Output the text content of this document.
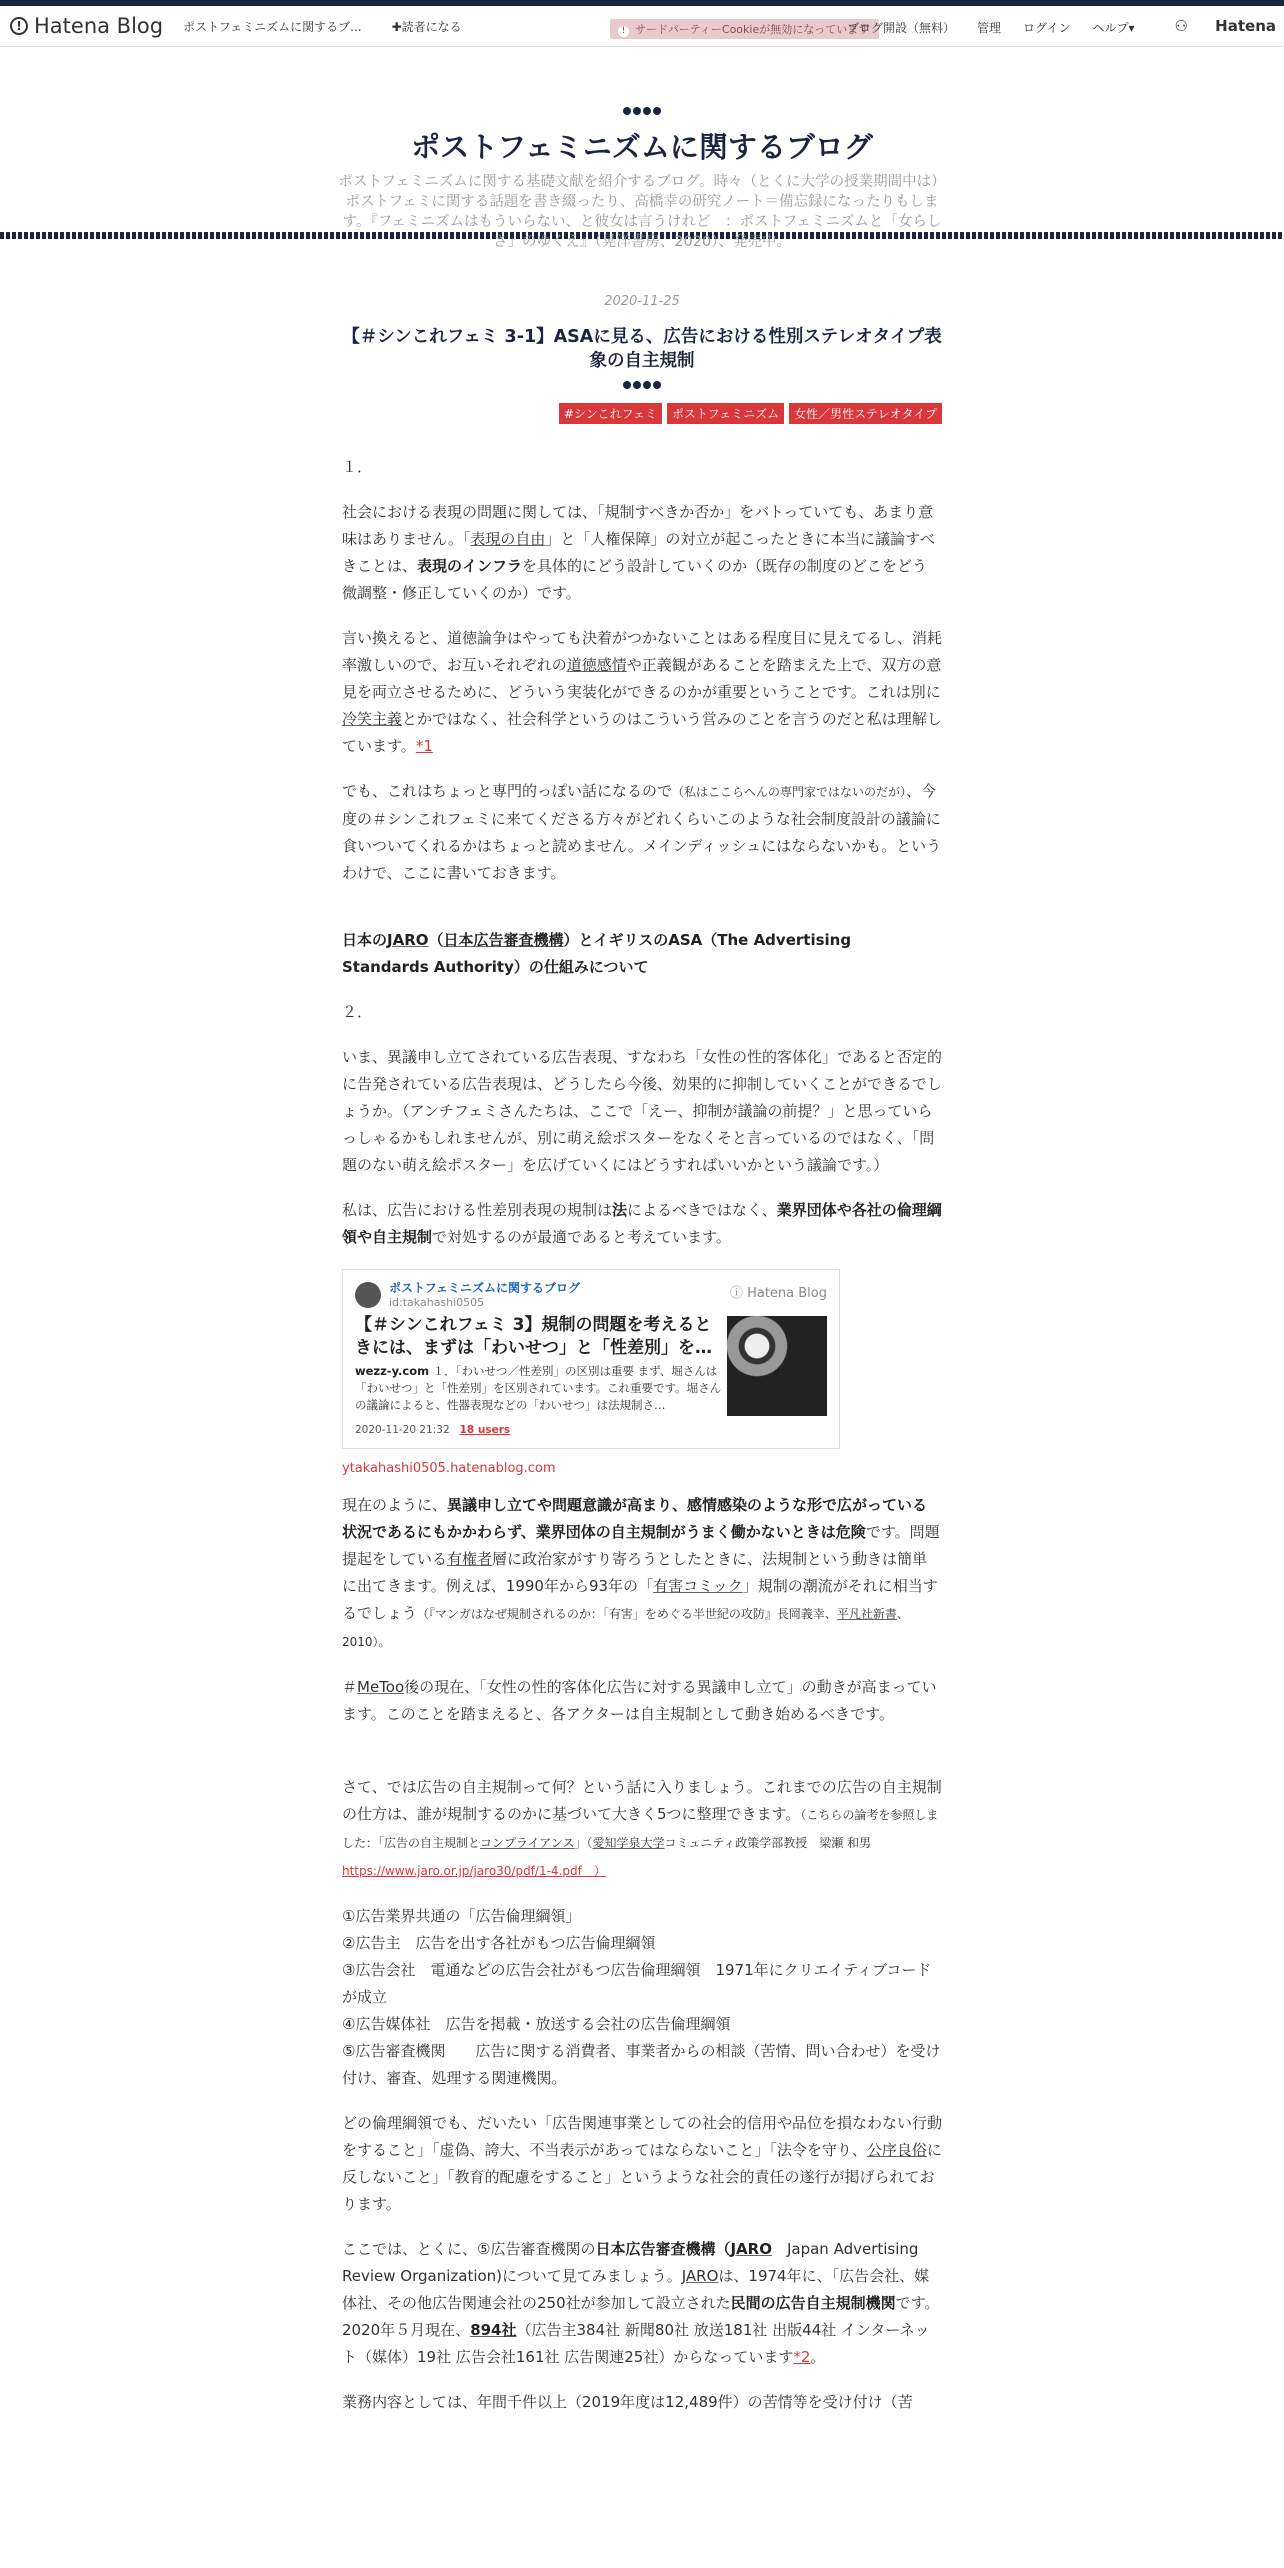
! Hatena Blog ポストフェミニズムに関するブ...	✚読者になる	! サードパーティーCookieが無効になっています
ブログ開設（無料） 管理 ログイン ヘルプ▾	⚇ Hatena
ポストフェミニズムに関するブログ
ポストフェミニズムに関する基礎文献を紹介するブログ。時々（とくに大学の授業期間中は）ポストフェミに関する話題を書き綴ったり、高橋幸の研究ノート＝備忘録になったりもします。『フェミニズムはもういらない、と彼女は言うけれど　：ポストフェミニズムと「女らしさ」のゆくえ』（晃洋書房、2020）、発売中。
2020-11-25
【＃シンこれフェミ 3-1】ASAに見る、広告における性別ステレオタイプ表象の自主規制
#シンこれフェミ	ポストフェミニズム	女性／男性ステレオタイプ

１．

社会における表現の問題に関しては、「規制すべきか否か」をバトっていても、あまり意味はありません。「表現の自由」と「人権保障」の対立が起こったときに本当に議論すべきことは、表現のインフラを具体的にどう設計していくのか（既存の制度のどこをどう微調整・修正していくのか）です。

言い換えると、道徳論争はやっても決着がつかないことはある程度目に見えてるし、消耗率激しいので、お互いそれぞれの道徳感情や正義観があることを踏まえた上で、双方の意見を両立させるために、どういう実装化ができるのかが重要ということです。これは別に冷笑主義とかではなく、社会科学というのはこういう営みのことを言うのだと私は理解しています。*1

でも、これはちょっと専門的っぽい話になるので（私はここらへんの専門家ではないのだが）、今度の＃シンこれフェミに来てくださる方々がどれくらいこのような社会制度設計の議論に食いついてくれるかはちょっと読めません。メインディッシュにはならないかも。というわけで、ここに書いておきます。

日本のJARO（日本広告審査機構）とイギリスのASA（The Advertising Standards Authority）の仕組みについて

２．

いま、異議申し立てされている広告表現、すなわち「女性の性的客体化」であると否定的に告発されている広告表現は、どうしたら今後、効果的に抑制していくことができるでしょうか。（アンチフェミさんたちは、ここで「えー、抑制が議論の前提？」と思っていらっしゃるかもしれませんが、別に萌え絵ポスターをなくそと言っているのではなく、「問題のない萌え絵ポスター」を広げていくにはどうすればいいかという議論です。）

私は、広告における性差別表現の規制は法によるべきではなく、業界団体や各社の倫理綱領や自主規制で対処するのが最適であると考えています。

ポストフェミニズムに関するブログ
id:takahashi0505
ⓘ Hatena Blog
【＃シンこれフェミ 3】規制の問題を考えるときには、まずは「わいせつ」と「性差別」を…
wezz-y.com １．「わいせつ／性差別」の区別は重要 まず、堀さんは「わいせつ」と「性差別」を区別されています。これ重要です。堀さんの議論によると、性器表現などの「わいせつ」は法規制さ…
2020-11-20 21:32 18 users
ytakahashi0505.hatenablog.com

現在のように、異議申し立てや問題意識が高まり、感情感染のような形で広がっている状況であるにもかかわらず、業界団体の自主規制がうまく働かないときは危険です。問題提起をしている有権者層に政治家がすり寄ろうとしたときに、法規制という動きは簡単に出てきます。例えば、1990年から93年の「有害コミック」規制の潮流がそれに相当するでしょう（『マンガはなぜ規制されるのか：「有害」をめぐる半世紀の攻防』長岡義幸、平凡社新書、2010）。

＃MeToo後の現在、「女性の性的客体化広告に対する異議申し立て」の動きが高まっています。このことを踏まえると、各アクターは自主規制として動き始めるべきです。

さて、では広告の自主規制って何？という話に入りましょう。これまでの広告の自主規制の仕方は、誰が規制するのかに基づいて大きく5つに整理できます。（こちらの論考を参照しました：「広告の自主規制とコンプライアンス」（愛知学泉大学コミュニティ政策学部教授　梁瀬 和男 https://www.jaro.or.jp/jaro30/pdf/1-4.pdf　）

①広告業界共通の「広告倫理綱領」

②広告主　広告を出す各社がもつ広告倫理綱領

③広告会社　電通などの広告会社がもつ広告倫理綱領　1971年にクリエイティブコードが成立

④広告媒体社　広告を掲載・放送する会社の広告倫理綱領

⑤広告審査機関　　広告に関する消費者、事業者からの相談（苦情、問い合わせ）を受け付け、審査、処理する関連機関。

どの倫理綱領でも、だいたい「広告関連事業としての社会的信用や品位を損なわない行動をすること」「虚偽、誇大、不当表示があってはならないこと」「法令を守り、公序良俗に反しないこと」「教育的配慮をすること」というような社会的責任の遂行が掲げられております。

ここでは、とくに、⑤広告審査機関の日本広告審査機構（JARO　Japan Advertising Review Organization)について見てみましょう。JAROは、1974年に、「広告会社、媒体社、その他広告関連会社の250社が参加して設立された民間の広告自主規制機関です。2020年５月現在、894社（広告主384社 新聞80社 放送181社 出版44社 インターネット（媒体）19社 広告会社161社 広告関連25社）からなっています*2。

業務内容としては、年間千件以上（2019年度は12,489件）の苦情等を受け付け（苦
